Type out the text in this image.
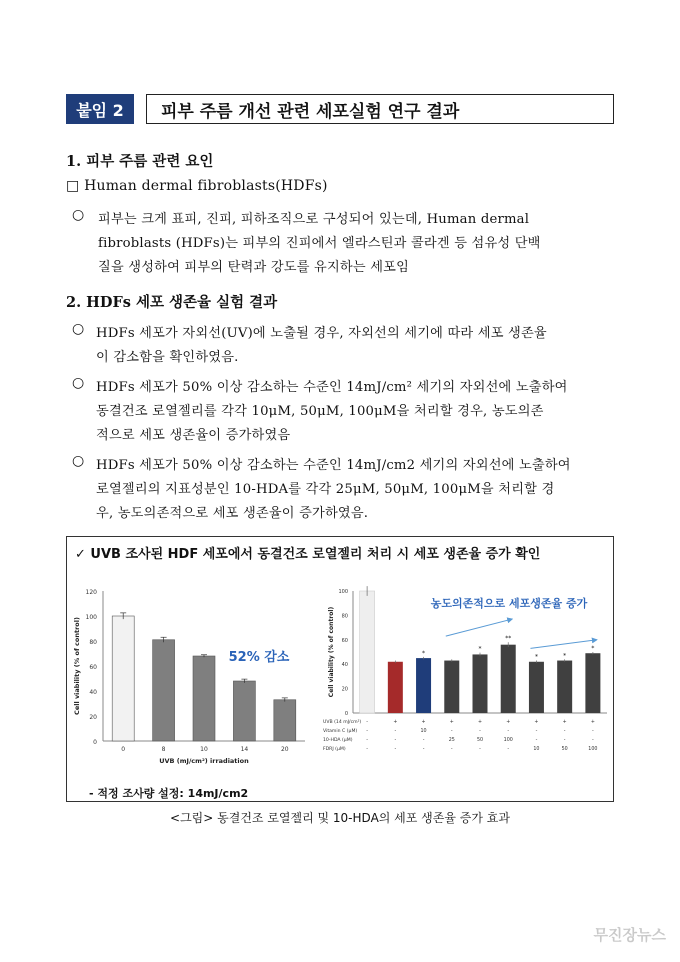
붙임 2	피부 주름 개선 관련 세포실험 연구 결과
1. 피부 주름 관련 요인
□ Human dermal fibroblasts(HDFs)
○ 피부는 크게 표피, 진피, 피하조직으로 구성되어 있는데, Human dermal
fibroblasts (HDFs)는 피부의 진피에서 엘라스틴과 콜라겐 등 섬유성 단백
질을 생성하여 피부의 탄력과 강도를 유지하는 세포임
2. HDFs 세포 생존율 실험 결과
○ HDFs 세포가 자외선(UV)에 노출될 경우, 자외선의 세기에 따라 세포 생존율
이 감소함을 확인하였음.
○ HDFs 세포가 50% 이상 감소하는 수준인 14mJ/cm² 세기의 자외선에 노출하여
동결건조 로열젤리를 각각 10μM, 50μM, 100μM을 처리할 경우, 농도의존
적으로 세포 생존율이 증가하였음
○ HDFs 세포가 50% 이상 감소하는 수준인 14mJ/cm2 세기의 자외선에 노출하여
로열젤리의 지표성분인 10-HDA를 각각 25μM, 50μM, 100μM을 처리할 경
우, 농도의존적으로 세포 생존율이 증가하였음.
✓ UVB 조사된 HDF 세포에서 동결건조 로열젤리 처리 시 세포 생존율 증가 확인
0
20
40
60
80
100
120
0	8	10	14	20
UVB (mJ/cm²) irradiation
Cell viability (% of control)	52% 감소
0
20
40
60
80
100
*
*
**
*	*
*
Cell viability (% of control)
농도의존적으로 세포생존율 증가
UVB (14 mJ/cm²) -	+	+	+	+	+	+	+	+
Vitamin C (μM) -	-	10	-	-	-	-	-	-
10-HDA (μM)	-	-	-	25	50	100	-	-	-
FDRJ (μM)	-	-	-	-	-	-	10	50	100
- 적정 조사량 설정: 14mJ/cm2
<그림> 동결건조 로열젤리 및 10-HDA의 세포 생존율 증가 효과
무진장뉴스
